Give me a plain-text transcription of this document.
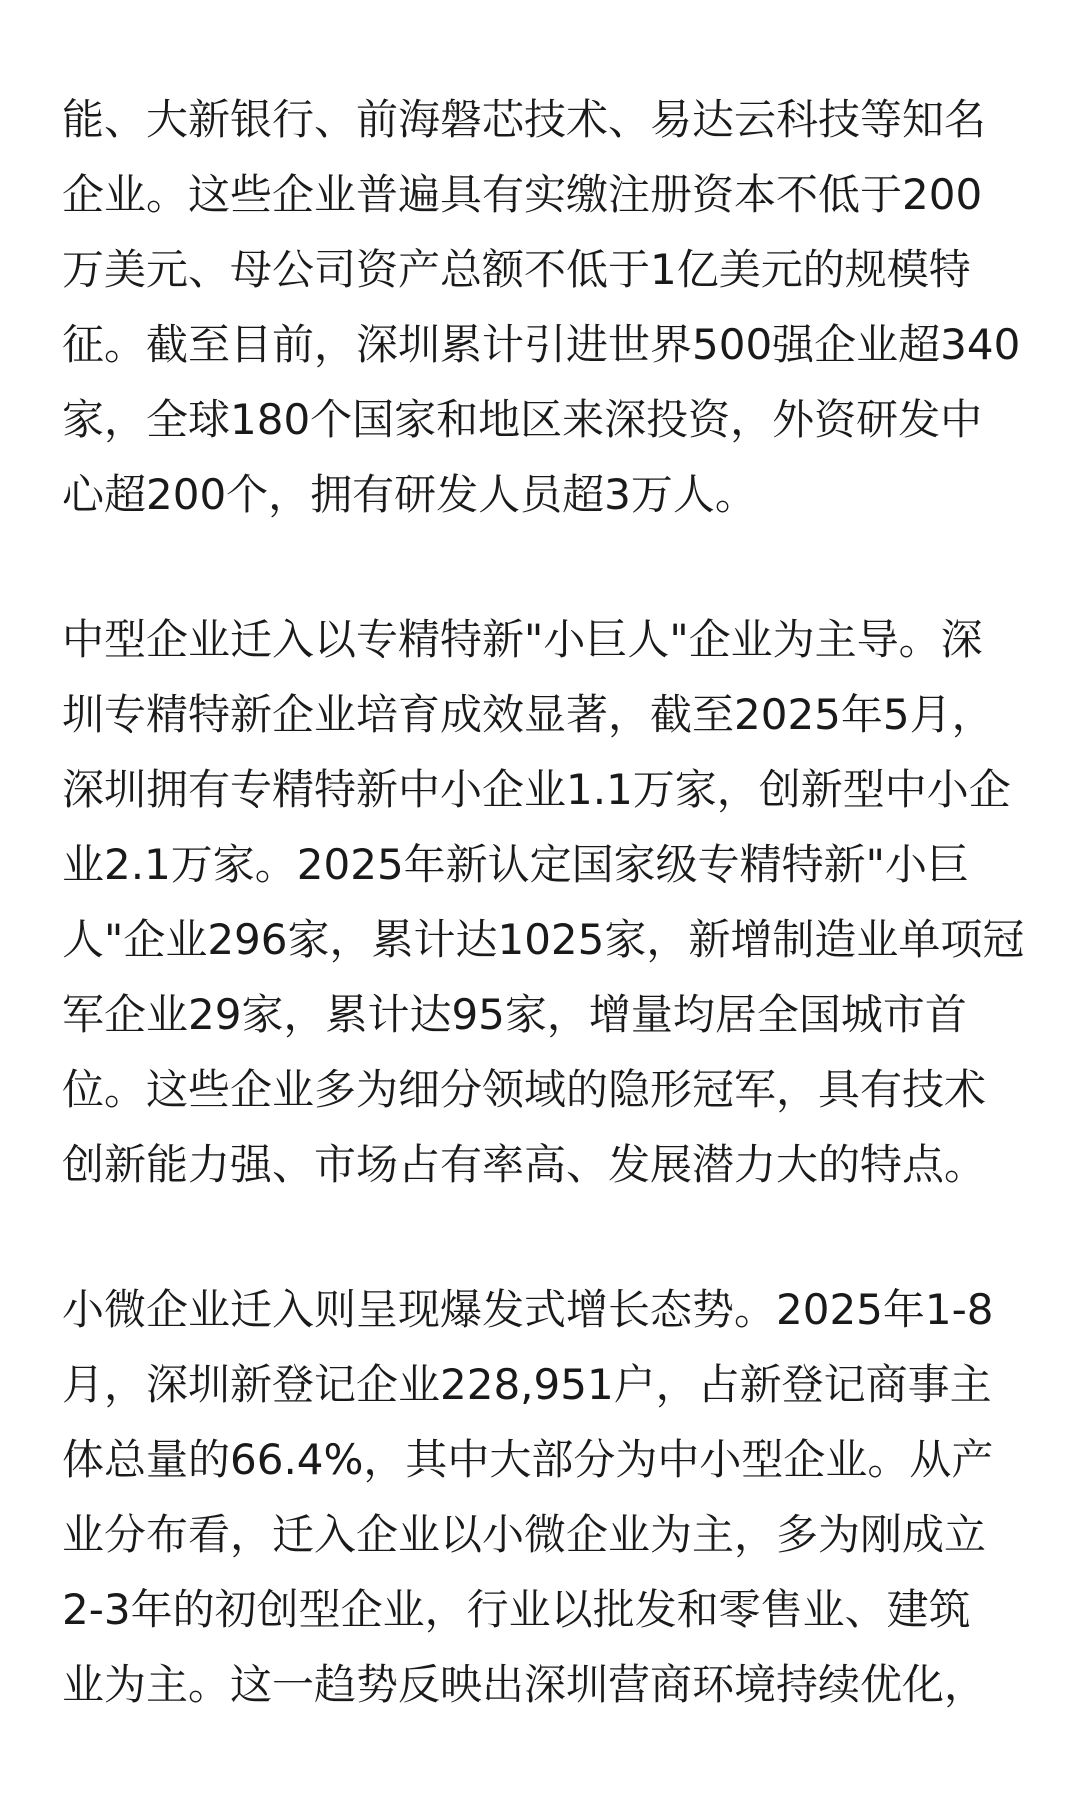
能、大新银行、前海磐芯技术、易达云科技等知名
企业。这些企业普遍具有实缴注册资本不低于200
万美元、母公司资产总额不低于1亿美元的规模特
征。截至目前，深圳累计引进世界500强企业超340
家，全球180个国家和地区来深投资，外资研发中
心超200个，拥有研发人员超3万人。
中型企业迁入以专精特新"小巨人"企业为主导。深
圳专精特新企业培育成效显著，截至2025年5月，
深圳拥有专精特新中小企业1.1万家，创新型中小企
业2.1万家。2025年新认定国家级专精特新"小巨
人"企业296家，累计达1025家，新增制造业单项冠
军企业29家，累计达95家，增量均居全国城市首
位。这些企业多为细分领域的隐形冠军，具有技术
创新能力强、市场占有率高、发展潜力大的特点。
小微企业迁入则呈现爆发式增长态势。2025年1-8
月，深圳新登记企业228,951户，占新登记商事主
体总量的66.4%，其中大部分为中小型企业。从产
业分布看，迁入企业以小微企业为主，多为刚成立
2-3年的初创型企业，行业以批发和零售业、建筑
业为主。这一趋势反映出深圳营商环境持续优化，
